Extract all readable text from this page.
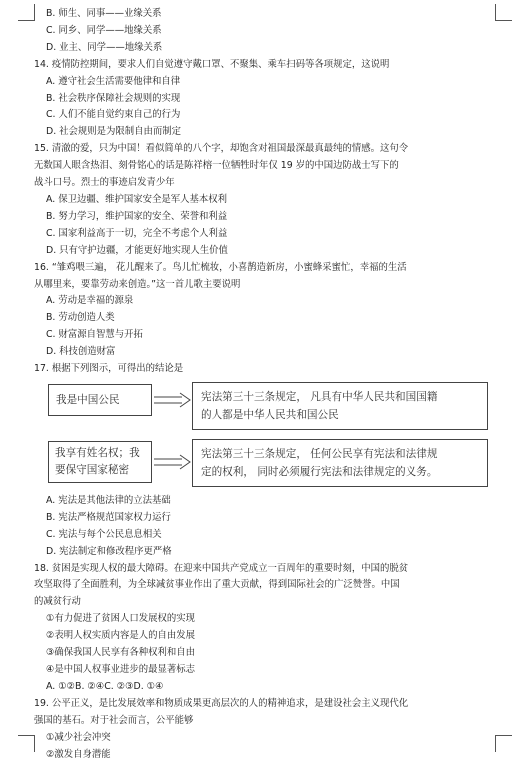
B. 师生、同事——业缘关系
C. 同乡、同学——地缘关系
D. 业主、同学——地缘关系
14. 疫情防控期间，要求人们自觉遵守戴口罩、不聚集、乘车扫码等各项规定，这说明
A. 遵守社会生活需要他律和自律
B. 社会秩序保障社会规则的实现
C. 人们不能自觉约束自己的行为
D. 社会规则是为限制自由而制定
15. 清澈的爱，只为中国！看似简单的八个字，却饱含对祖国最深最真最纯的情感。这句令
无数国人眼含热泪、刻骨铭心的话是陈祥榕一位牺牲时年仅 19 岁的中国边防战士写下的
战斗口号。烈士的事迹启发青少年
A. 保卫边疆、维护国家安全是军人基本权利
B. 努力学习，维护国家的安全、荣誉和利益
C. 国家利益高于一切，完全不考虑个人利益
D. 只有守护边疆，才能更好地实现人生价值
16. “雏鸡喂三遍， 花儿醒来了。鸟儿忙梳妆，小喜鹊造新房，小蜜蜂采蜜忙，幸福的生活
从哪里来，要靠劳动来创造。”这一首儿歌主要说明
A. 劳动是幸福的源泉
B. 劳动创造人类
C. 财富源自智慧与开拓
D. 科技创造财富
17. 根据下列图示，可得出的结论是
我是中国公民	宪法第三十三条规定， 凡具有中华人民共和国国籍
的人都是中华人民共和国公民
我享有姓名权；我
要保守国家秘密
宪法第三十三条规定， 任何公民享有宪法和法律规
定的权利， 同时必须履行宪法和法律规定的义务。
A. 宪法是其他法律的立法基础
B. 宪法严格规范国家权力运行
C. 宪法与每个公民息息相关
D. 宪法制定和修改程序更严格
18. 贫困是实现人权的最大障碍。在迎来中国共产党成立一百周年的重要时刻，中国的脱贫
攻坚取得了全面胜利，为全球减贫事业作出了重大贡献，得到国际社会的广泛赞誉。中国
的减贫行动
①有力促进了贫困人口发展权的实现
②表明人权实质内容是人的自由发展
③确保我国人民享有各种权利和自由
④是中国人权事业进步的最显著标志
A. ①②B. ②④C. ②③D. ①④
19. 公平正义，是比发展效率和物质成果更高层次的人的精神追求，是建设社会主义现代化
强国的基石。对于社会而言，公平能够
①减少社会冲突
②激发自身潜能
